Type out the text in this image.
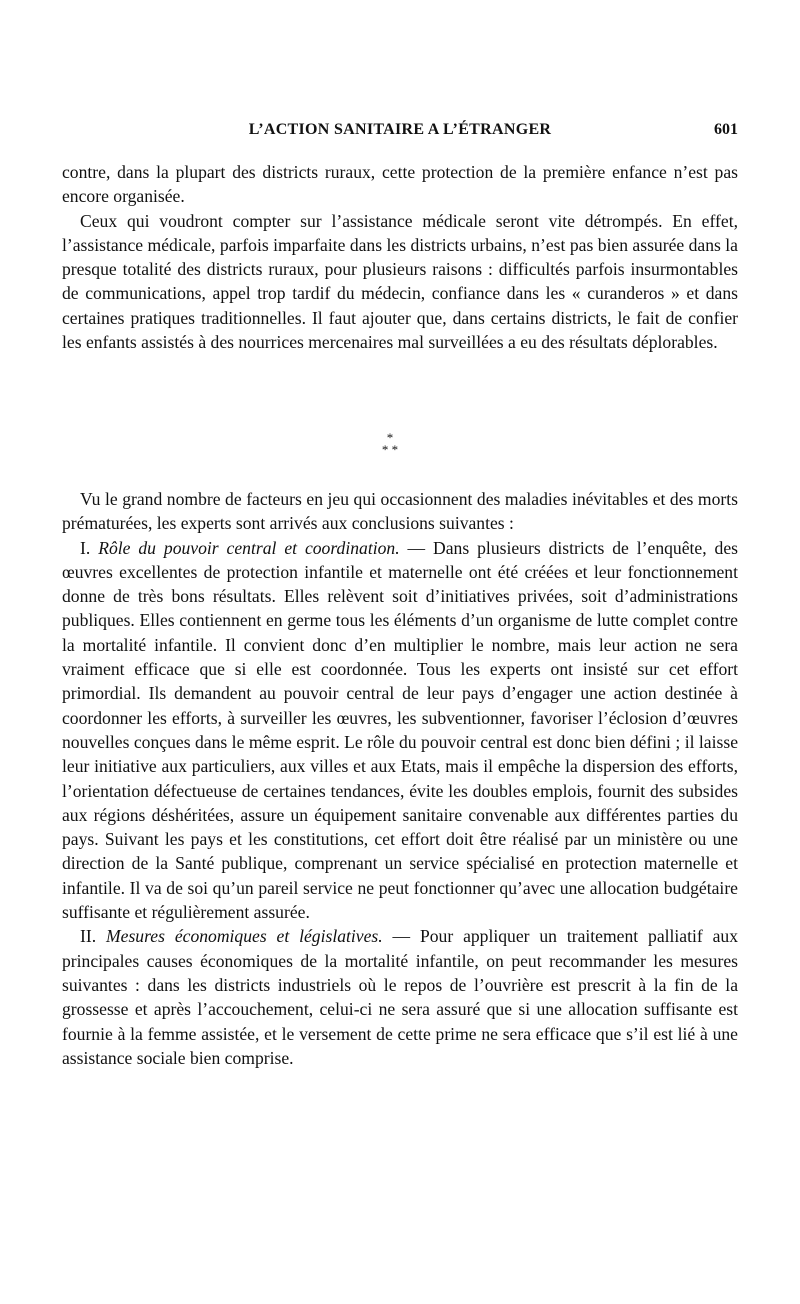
L’ACTION SANITAIRE A L’ÉTRANGER	601

contre, dans la plupart des districts ruraux, cette protection de la première enfance n’est pas encore organisée.

Ceux qui voudront compter sur l’assistance médicale seront vite détrompés. En effet, l’assistance médicale, parfois imparfaite dans les districts urbains, n’est pas bien assurée dans la presque totalité des districts ruraux, pour plusieurs raisons : difficultés parfois insurmontables de communications, appel trop tardif du médecin, confiance dans les « curanderos » et dans certaines pratiques traditionnelles. Il faut ajouter que, dans certains districts, le fait de confier les enfants assistés à des nourrices mercenaires mal surveillées a eu des résultats déplorables.

*
* *

Vu le grand nombre de facteurs en jeu qui occasionnent des maladies inévitables et des morts prématurées, les experts sont arrivés aux conclusions suivantes :

I. Rôle du pouvoir central et coordination. — Dans plusieurs districts de l’enquête, des œuvres excellentes de protection infantile et maternelle ont été créées et leur fonctionnement donne de très bons résultats. Elles relèvent soit d’initiatives privées, soit d’administrations publiques. Elles contiennent en germe tous les éléments d’un organisme de lutte complet contre la mortalité infantile. Il convient donc d’en multiplier le nombre, mais leur action ne sera vraiment efficace que si elle est coordonnée. Tous les experts ont insisté sur cet effort primordial. Ils demandent au pouvoir central de leur pays d’engager une action destinée à coordonner les efforts, à surveiller les œuvres, les subventionner, favoriser l’éclosion d’œuvres nouvelles conçues dans le même esprit. Le rôle du pouvoir central est donc bien défini ; il laisse leur initiative aux particuliers, aux villes et aux Etats, mais il empêche la dispersion des efforts, l’orientation défectueuse de certaines tendances, évite les doubles emplois, fournit des subsides aux régions déshéritées, assure un équipement sanitaire convenable aux différentes parties du pays. Suivant les pays et les constitutions, cet effort doit être réalisé par un ministère ou une direction de la Santé publique, comprenant un service spécialisé en protection maternelle et infantile. Il va de soi qu’un pareil service ne peut fonctionner qu’avec une allocation budgétaire suffisante et régulièrement assurée.

II. Mesures économiques et législatives. — Pour appliquer un traitement palliatif aux principales causes économiques de la mortalité infantile, on peut recommander les mesures suivantes : dans les districts industriels où le repos de l’ouvrière est prescrit à la fin de la grossesse et après l’accouchement, celui-ci ne sera assuré que si une allocation suffisante est fournie à la femme assistée, et le versement de cette prime ne sera efficace que s’il est lié à une assistance sociale bien comprise.
